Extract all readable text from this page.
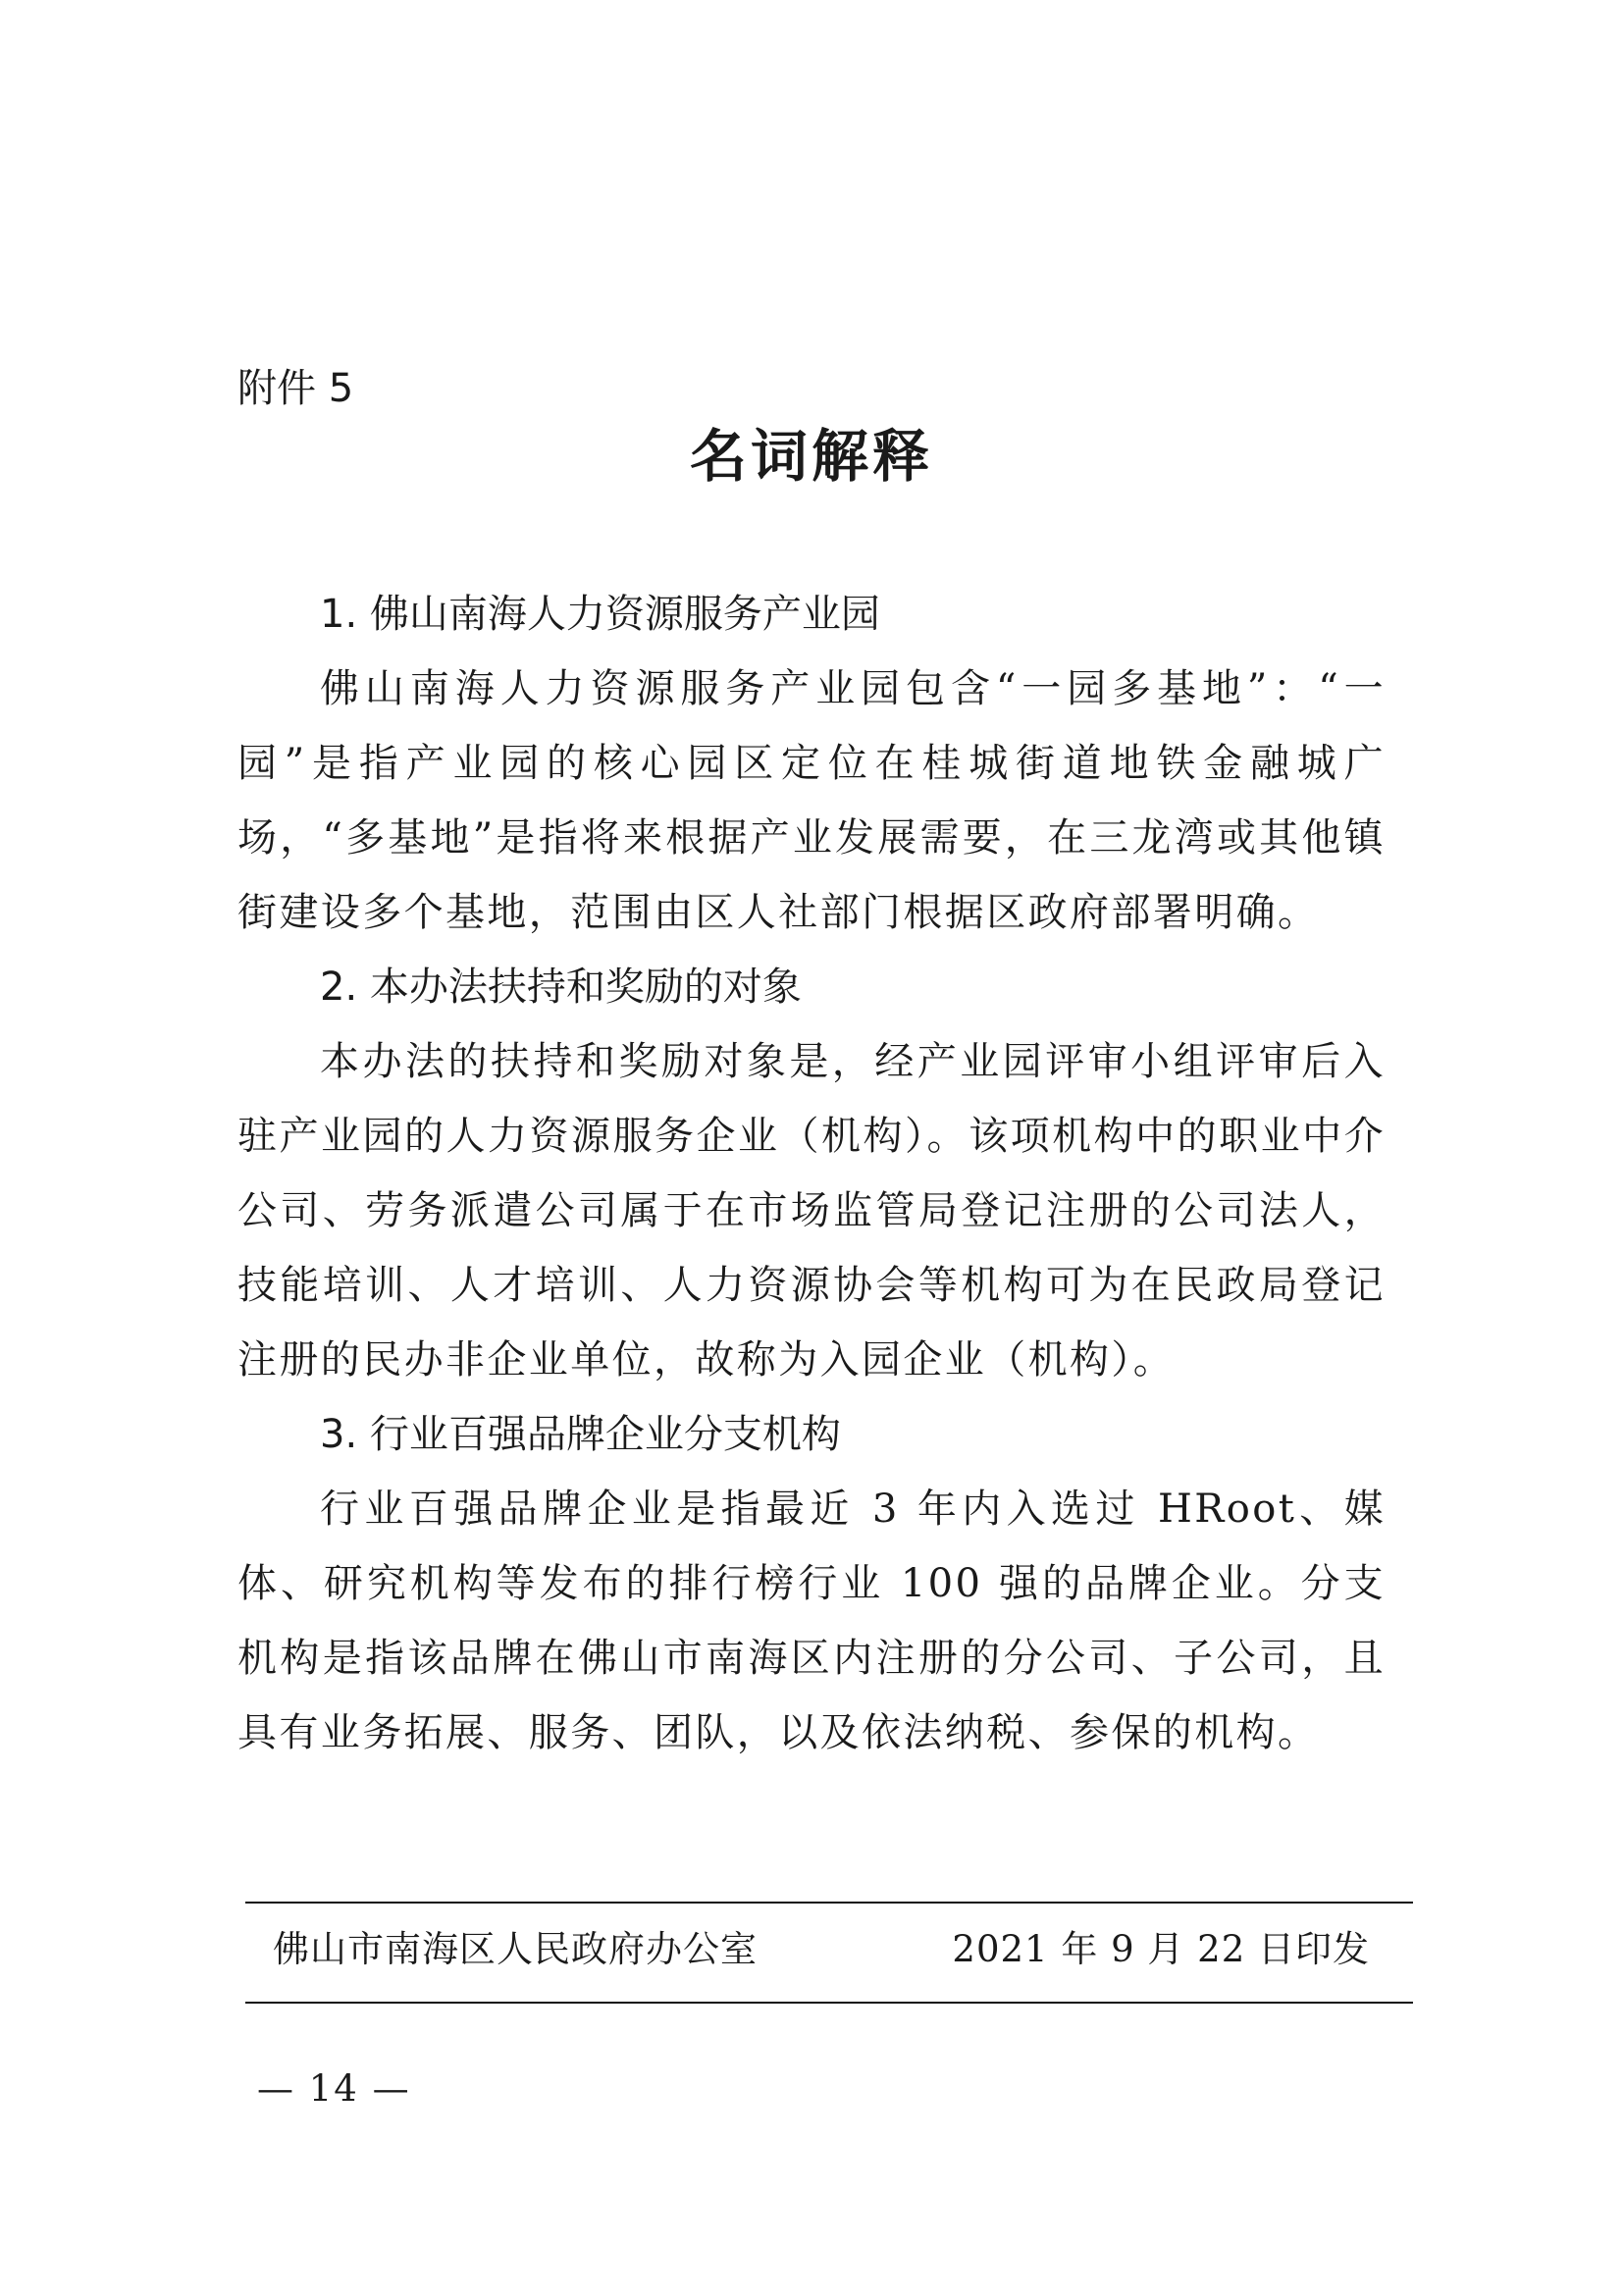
附件 5
名词解释
1. 佛山南海人力资源服务产业园

佛山南海人力资源服务产业园包含“一园多基地”：“一园”是指产业园的核心园区定位在桂城街道地铁金融城广场，“多基地”是指将来根据产业发展需要，在三龙湾或其他镇街建设多个基地，范围由区人社部门根据区政府部署明确。

2. 本办法扶持和奖励的对象

本办法的扶持和奖励对象是，经产业园评审小组评审后入驻产业园的人力资源服务企业（机构）。该项机构中的职业中介公司、劳务派遣公司属于在市场监管局登记注册的公司法人，技能培训、人才培训、人力资源协会等机构可为在民政局登记注册的民办非企业单位，故称为入园企业（机构）。

3. 行业百强品牌企业分支机构

行业百强品牌企业是指最近 3 年内入选过 HRoot、媒体、研究机构等发布的排行榜行业 100 强的品牌企业。分支机构是指该品牌在佛山市南海区内注册的分公司、子公司，且具有业务拓展、服务、团队，以及依法纳税、参保的机构。

佛山市南海区人民政府办公室	2021 年 9 月 22 日印发
— 14 —
